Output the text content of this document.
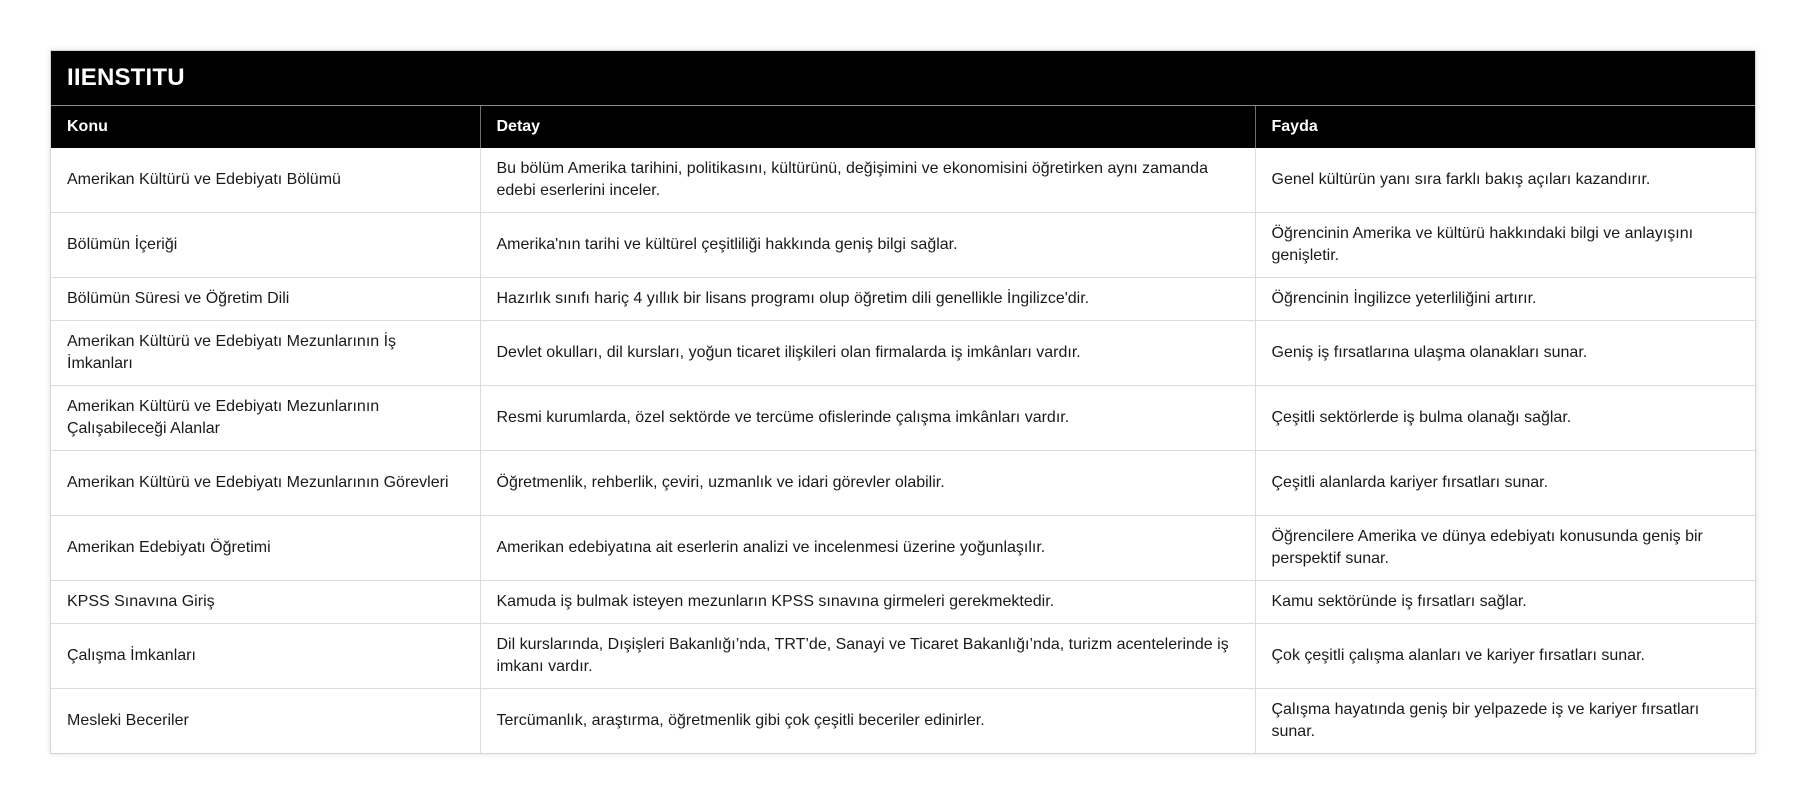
IIENSTITU
Konu	Detay	Fayda
Amerikan Kültürü ve Edebiyatı Bölümü	Bu bölüm Amerika tarihini, politikasını, kültürünü, değişimini ve ekonomisini öğretirken aynı zamanda edebi eserlerini inceler.	Genel kültürün yanı sıra farklı bakış açıları kazandırır.
Bölümün İçeriği	Amerika'nın tarihi ve kültürel çeşitliliği hakkında geniş bilgi sağlar.	Öğrencinin Amerika ve kültürü hakkındaki bilgi ve anlayışını genişletir.
Bölümün Süresi ve Öğretim Dili	Hazırlık sınıfı hariç 4 yıllık bir lisans programı olup öğretim dili genellikle İngilizce'dir.	Öğrencinin İngilizce yeterliliğini artırır.
Amerikan Kültürü ve Edebiyatı Mezunlarının İş İmkanları	Devlet okulları, dil kursları, yoğun ticaret ilişkileri olan firmalarda iş imkânları vardır.	Geniş iş fırsatlarına ulaşma olanakları sunar.
Amerikan Kültürü ve Edebiyatı Mezunlarının Çalışabileceği Alanlar	Resmi kurumlarda, özel sektörde ve tercüme ofislerinde çalışma imkânları vardır.	Çeşitli sektörlerde iş bulma olanağı sağlar.
Amerikan Kültürü ve Edebiyatı Mezunlarının Görevleri	Öğretmenlik, rehberlik, çeviri, uzmanlık ve idari görevler olabilir.	Çeşitli alanlarda kariyer fırsatları sunar.
Amerikan Edebiyatı Öğretimi	Amerikan edebiyatına ait eserlerin analizi ve incelenmesi üzerine yoğunlaşılır.	Öğrencilere Amerika ve dünya edebiyatı konusunda geniş bir perspektif sunar.
KPSS Sınavına Giriş	Kamuda iş bulmak isteyen mezunların KPSS sınavına girmeleri gerekmektedir.	Kamu sektöründe iş fırsatları sağlar.
Çalışma İmkanları	Dil kurslarında, Dışişleri Bakanlığı’nda, TRT’de, Sanayi ve Ticaret Bakanlığı’nda, turizm acentelerinde iş imkanı vardır.	Çok çeşitli çalışma alanları ve kariyer fırsatları sunar.
Mesleki Beceriler	Tercümanlık, araştırma, öğretmenlik gibi çok çeşitli beceriler edinirler.	Çalışma hayatında geniş bir yelpazede iş ve kariyer fırsatları sunar.
